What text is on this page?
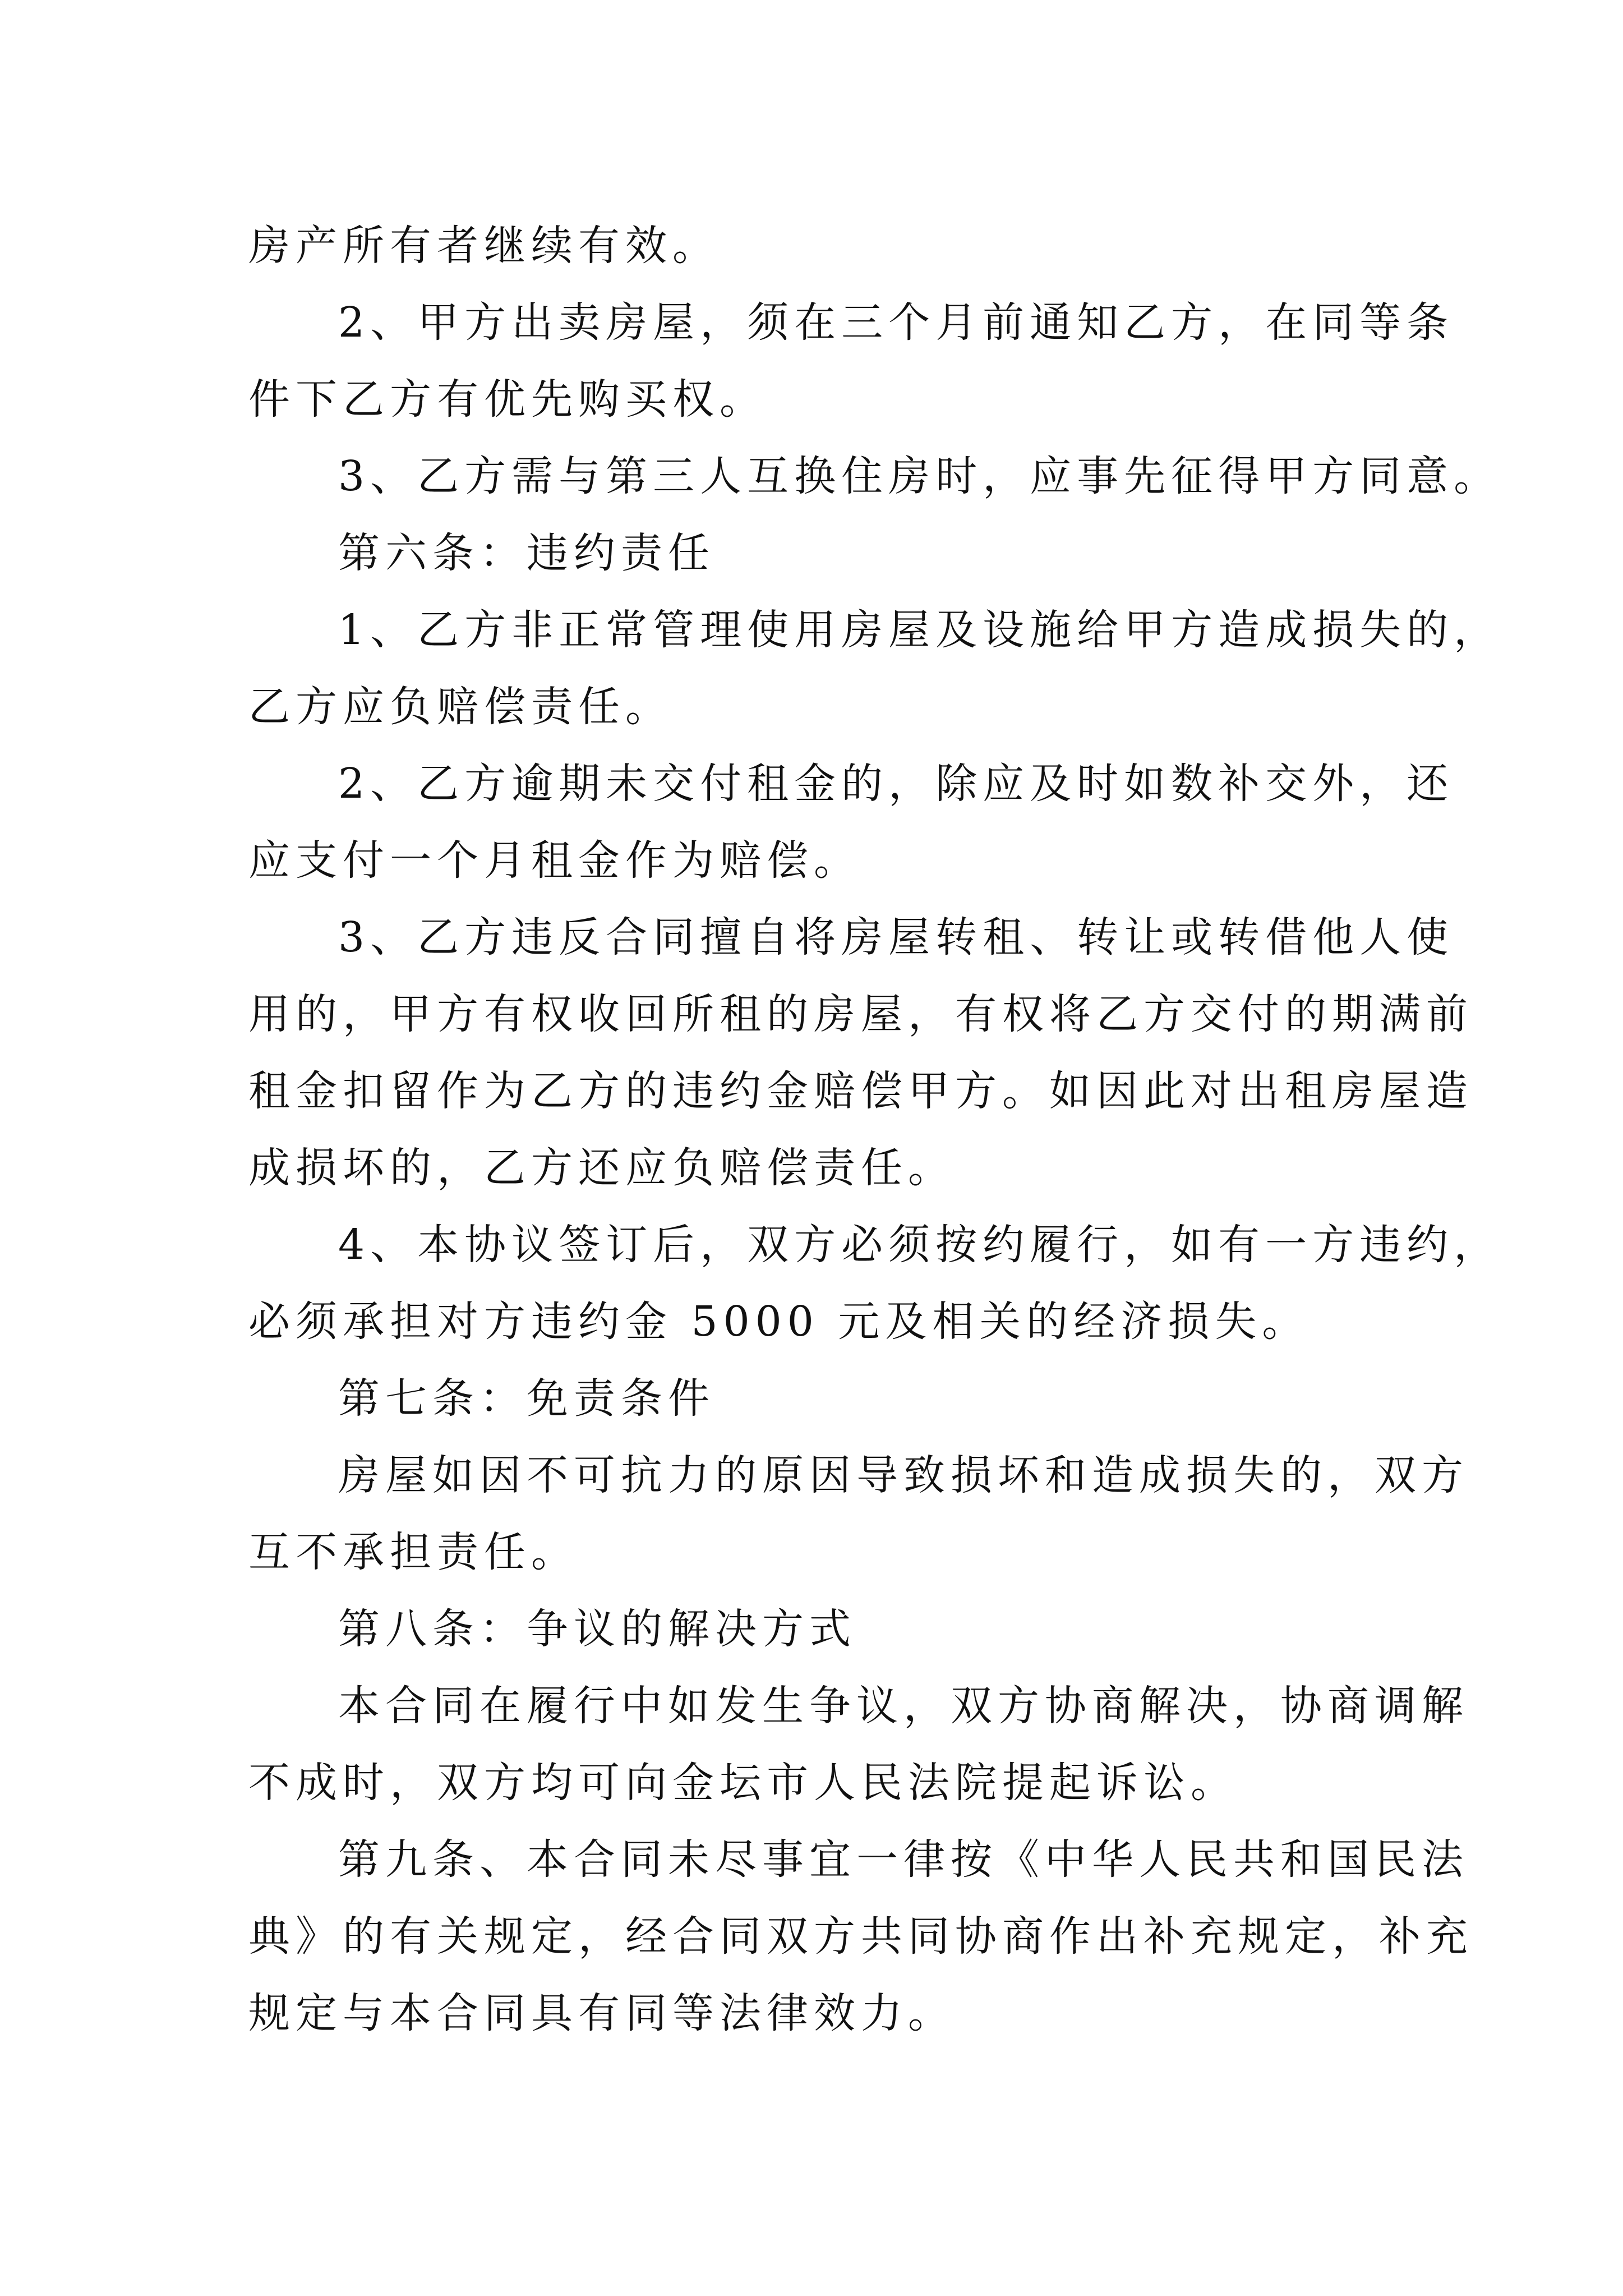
房产所有者继续有效。
2、甲方出卖房屋，须在三个月前通知乙方，在同等条
件下乙方有优先购买权。
3、乙方需与第三人互换住房时，应事先征得甲方同意。
第六条：违约责任
1、乙方非正常管理使用房屋及设施给甲方造成损失的，
乙方应负赔偿责任。
2、乙方逾期未交付租金的，除应及时如数补交外，还
应支付一个月租金作为赔偿。
3、乙方违反合同擅自将房屋转租、转让或转借他人使
用的，甲方有权收回所租的房屋，有权将乙方交付的期满前
租金扣留作为乙方的违约金赔偿甲方。如因此对出租房屋造
成损坏的，乙方还应负赔偿责任。
4、本协议签订后，双方必须按约履行，如有一方违约，
必须承担对方违约金 5000 元及相关的经济损失。
第七条：免责条件
房屋如因不可抗力的原因导致损坏和造成损失的，双方
互不承担责任。
第八条：争议的解决方式
本合同在履行中如发生争议，双方协商解决，协商调解
不成时，双方均可向金坛市人民法院提起诉讼。
第九条、本合同未尽事宜一律按《中华人民共和国民法
典》的有关规定，经合同双方共同协商作出补充规定，补充
规定与本合同具有同等法律效力。
